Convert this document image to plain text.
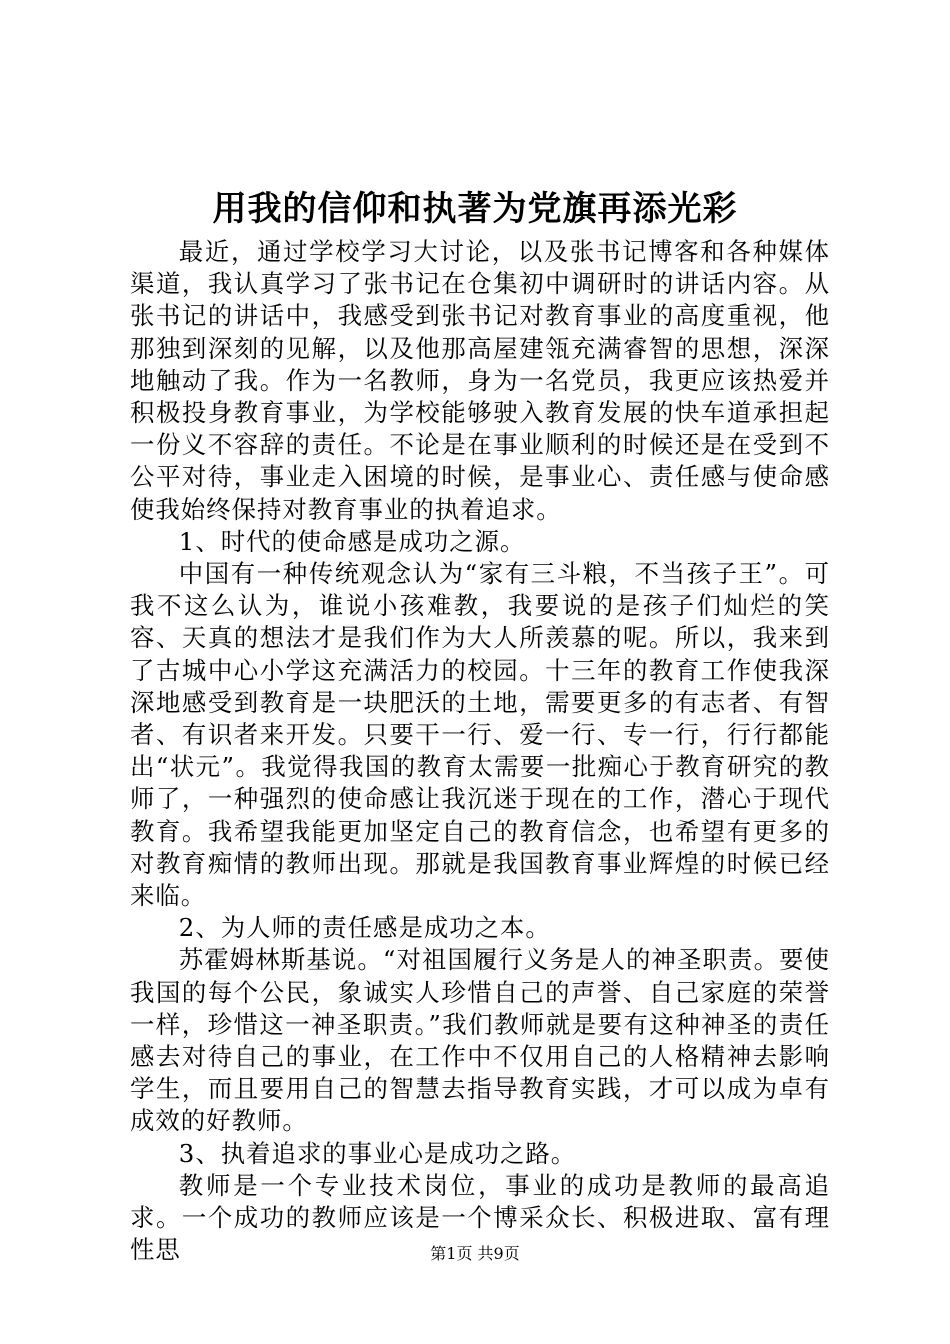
用我的信仰和执著为党旗再添光彩

最近，通过学校学习大讨论，以及张书记博客和各种媒体渠道，我认真学习了张书记在仓集初中调研时的讲话内容。从张书记的讲话中，我感受到张书记对教育事业的高度重视，他那独到深刻的见解，以及他那高屋建瓴充满睿智的思想，深深地触动了我。作为一名教师，身为一名党员，我更应该热爱并积极投身教育事业，为学校能够驶入教育发展的快车道承担起一份义不容辞的责任。不论是在事业顺利的时候还是在受到不公平对待，事业走入困境的时候，是事业心、责任感与使命感使我始终保持对教育事业的执着追求。

1、时代的使命感是成功之源。

中国有一种传统观念认为“家有三斗粮，不当孩子王”。可我不这么认为，谁说小孩难教，我要说的是孩子们灿烂的笑容、天真的想法才是我们作为大人所羡慕的呢。所以，我来到了古城中心小学这充满活力的校园。十三年的教育工作使我深深地感受到教育是一块肥沃的土地，需要更多的有志者、有智者、有识者来开发。只要干一行、爱一行、专一行，行行都能出“状元”。我觉得我国的教育太需要一批痴心于教育研究的教师了，一种强烈的使命感让我沉迷于现在的工作，潜心于现代教育。我希望我能更加坚定自己的教育信念，也希望有更多的对教育痴情的教师出现。那就是我国教育事业辉煌的时候已经来临。

2、为人师的责任感是成功之本。

苏霍姆林斯基说。“对祖国履行义务是人的神圣职责。要使我国的每个公民，象诚实人珍惜自己的声誉、自己家庭的荣誉一样，珍惜这一神圣职责。”我们教师就是要有这种神圣的责任感去对待自己的事业，在工作中不仅用自己的人格精神去影响学生，而且要用自己的智慧去指导教育实践，才可以成为卓有成效的好教师。

3、执着追求的事业心是成功之路。

教师是一个专业技术岗位，事业的成功是教师的最高追求。一个成功的教师应该是一个博采众长、积极进取、富有理性思	第1页 共9页
